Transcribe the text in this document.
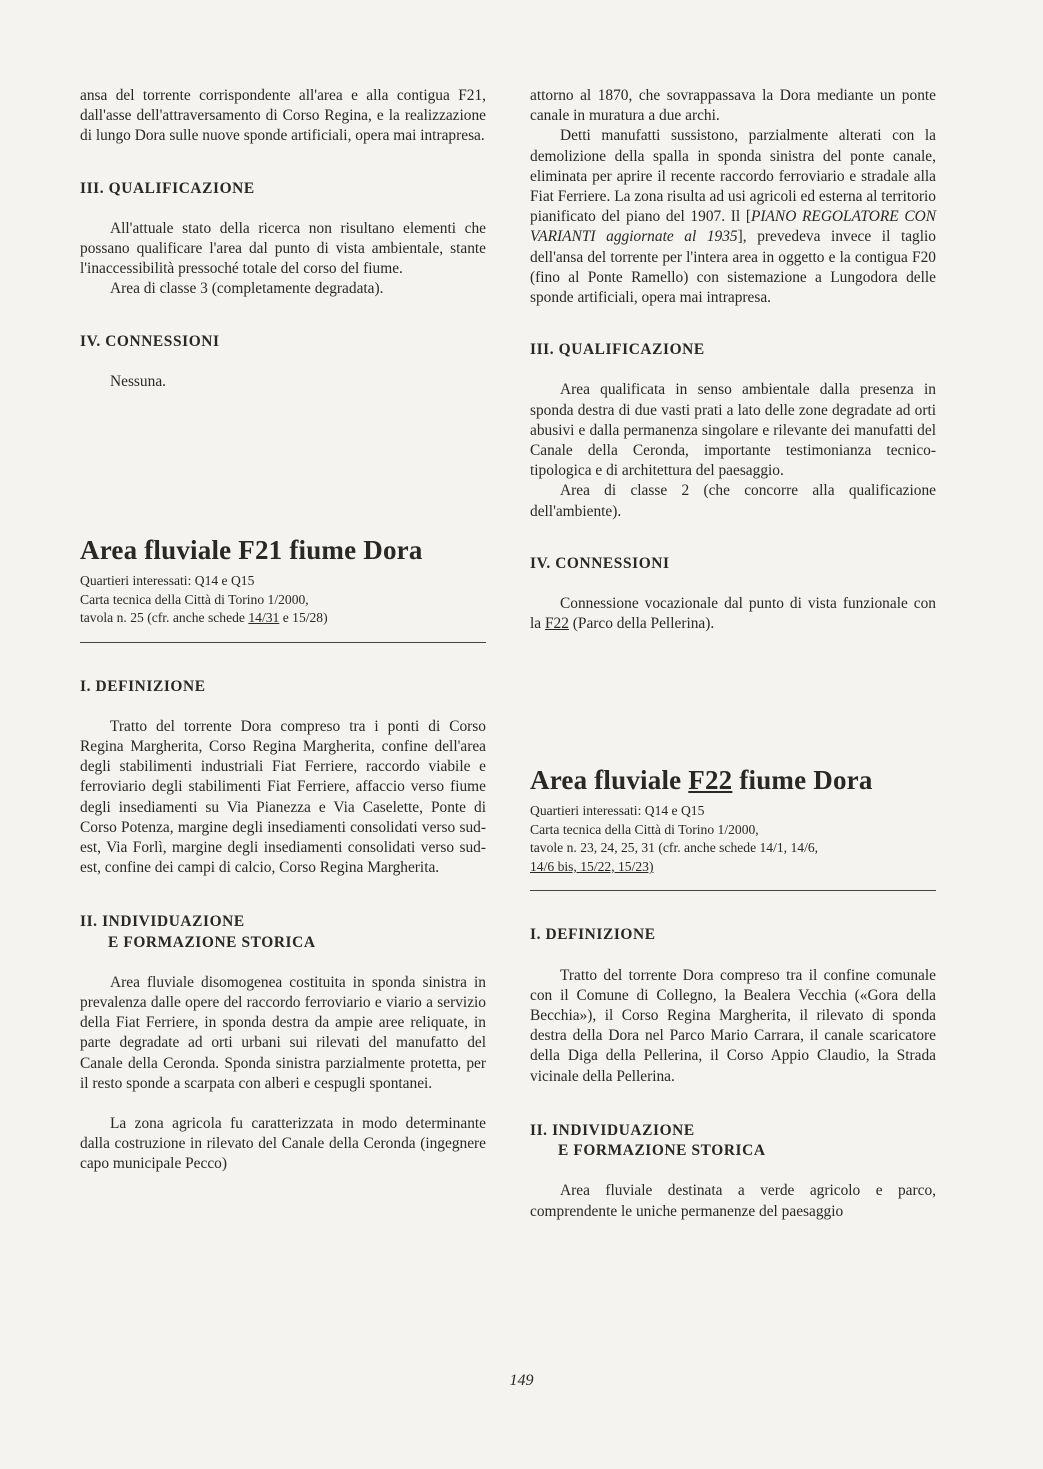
ansa del torrente corrispondente all'area e alla contigua F21, dall'asse dell'attraversamento di Corso Regina, e la realizzazione di lungo Dora sulle nuove sponde artificiali, opera mai intrapresa.

III. QUALIFICAZIONE

All'attuale stato della ricerca non risultano elementi che possano qualificare l'area dal punto di vista ambientale, stante l'inaccessibilità pressoché totale del corso del fiume.

Area di classe 3 (completamente degradata).

IV. CONNESSIONI

Nessuna.

Area fluviale F21 fiume Dora

Quartieri interessati: Q14 e Q15

Carta tecnica della Città di Torino 1/2000,

tavola n. 25 (cfr. anche schede 14/31 e 15/28)

I. DEFINIZIONE

Tratto del torrente Dora compreso tra i ponti di Corso Regina Margherita, Corso Regina Margherita, confine dell'area degli stabilimenti industriali Fiat Ferriere, raccordo viabile e ferroviario degli stabilimenti Fiat Ferriere, affaccio verso fiume degli insediamenti su Via Pianezza e Via Caselette, Ponte di Corso Potenza, margine degli insediamenti consolidati verso sud-est, Via Forlì, margine degli insediamenti consolidati verso sud-est, confine dei campi di calcio, Corso Regina Margherita.

II. INDIVIDUAZIONE
E FORMAZIONE STORICA

Area fluviale disomogenea costituita in sponda sinistra in prevalenza dalle opere del raccordo ferroviario e viario a servizio della Fiat Ferriere, in sponda destra da ampie aree reliquate, in parte degradate ad orti urbani sui rilevati del manufatto del Canale della Ceronda. Sponda sinistra parzialmente protetta, per il resto sponde a scarpata con alberi e cespugli spontanei.

La zona agricola fu caratterizzata in modo determinante dalla costruzione in rilevato del Canale della Ceronda (ingegnere capo municipale Pecco)

attorno al 1870, che sovrappassava la Dora mediante un ponte canale in muratura a due archi.

Detti manufatti sussistono, parzialmente alterati con la demolizione della spalla in sponda sinistra del ponte canale, eliminata per aprire il recente raccordo ferroviario e stradale alla Fiat Ferriere. La zona risulta ad usi agricoli ed esterna al territorio pianificato del piano del 1907. Il [PIANO REGOLATORE CON VARIANTI aggiornate al 1935], prevedeva invece il taglio dell'ansa del torrente per l'intera area in oggetto e la contigua F20 (fino al Ponte Ramello) con sistemazione a Lungodora delle sponde artificiali, opera mai intrapresa.

III. QUALIFICAZIONE

Area qualificata in senso ambientale dalla presenza in sponda destra di due vasti prati a lato delle zone degradate ad orti abusivi e dalla permanenza singolare e rilevante dei manufatti del Canale della Ceronda, importante testimonianza tecnico-tipologica e di architettura del paesaggio.

Area di classe 2 (che concorre alla qualificazione dell'ambiente).

IV. CONNESSIONI

Connessione vocazionale dal punto di vista funzionale con la F22 (Parco della Pellerina).

Area fluviale F22 fiume Dora

Quartieri interessati: Q14 e Q15

Carta tecnica della Città di Torino 1/2000,

tavole n. 23, 24, 25, 31 (cfr. anche schede 14/1, 14/6,

14/6 bis, 15/22, 15/23)

I. DEFINIZIONE

Tratto del torrente Dora compreso tra il confine comunale con il Comune di Collegno, la Bealera Vecchia («Gora della Becchia»), il Corso Regina Margherita, il rilevato di sponda destra della Dora nel Parco Mario Carrara, il canale scaricatore della Diga della Pellerina, il Corso Appio Claudio, la Strada vicinale della Pellerina.

II. INDIVIDUAZIONE
E FORMAZIONE STORICA

Area fluviale destinata a verde agricolo e parco, comprendente le uniche permanenze del paesaggio

149
